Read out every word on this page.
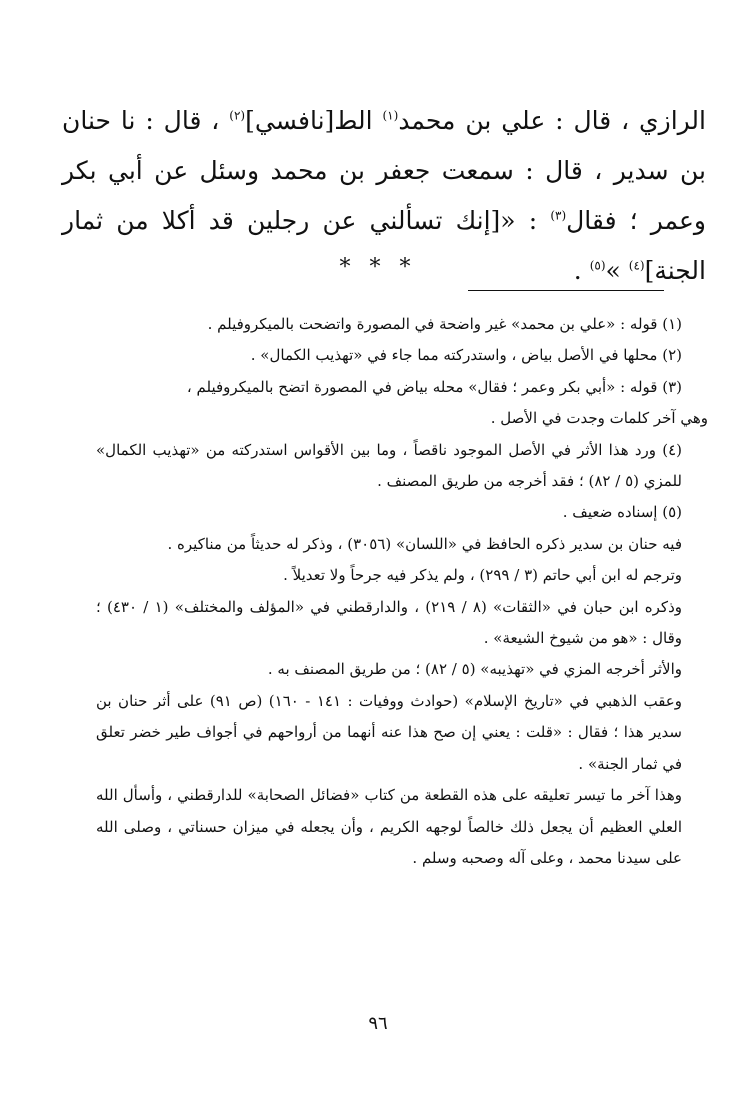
الرازي ، قال : علي بن محمد$^{(١)}$ الط[نافسي]$^{(٢)}$ ، قال : نا حنان بن سدير ، قال : سمعت جعفر بن محمد وسئل عن أبي بكر وعمر ؛ فقال$^{(٣)}$ : «[إنك تسألني عن رجلين قد أكلا من ثمار الجنة]$^{(٤)}$ »$^{(٥)}$ .

* * *

(١) قوله : «علي بن محمد» غير واضحة في المصورة واتضحت بالميكروفيلم .

(٢) محلها في الأصل بياض ، واستدركته مما جاء في «تهذيب الكمال» .

(٣) قوله : «أبي بكر وعمر ؛ فقال» محله بياض في المصورة اتضح بالميكروفيلم ،

وهي آخر كلمات وجدت في الأصل .

(٤) ورد هذا الأثر في الأصل الموجود ناقصاً ، وما بين الأقواس استدركته من «تهذيب الكمال» للمزي (٥ / ٨٢) ؛ فقد أخرجه من طريق المصنف .

(٥) إسناده ضعيف .

فيه حنان بن سدير ذكره الحافظ في «اللسان» (٣٠٥٦) ، وذكر له حديثاً من مناكيره .

وترجم له ابن أبي حاتم (٣ / ٢٩٩) ، ولم يذكر فيه جرحاً ولا تعديلاً .

وذكره ابن حبان في «الثقات» (٨ / ٢١٩) ، والدارقطني في «المؤلف والمختلف» (١ / ٤٣٠) ؛ وقال : «هو من شيوخ الشيعة» .

والأثر أخرجه المزي في «تهذيبه» (٥ / ٨٢) ؛ من طريق المصنف به .

وعقب الذهبي في «تاريخ الإسلام» (حوادث ووفيات : ١٤١ - ١٦٠) (ص ٩١) على أثر حنان بن سدير هذا ؛ فقال : «قلت : يعني إن صح هذا عنه أنهما من أرواحهم في أجواف طير خضر تعلق في ثمار الجنة» .

وهذا آخر ما تيسر تعليقه على هذه القطعة من كتاب «فضائل الصحابة» للدارقطني ، وأسأل الله العلي العظيم أن يجعل ذلك خالصاً لوجهه الكريم ، وأن يجعله في ميزان حسناتي ، وصلى الله على سيدنا محمد ، وعلى آله وصحبه وسلم .

٩٦
